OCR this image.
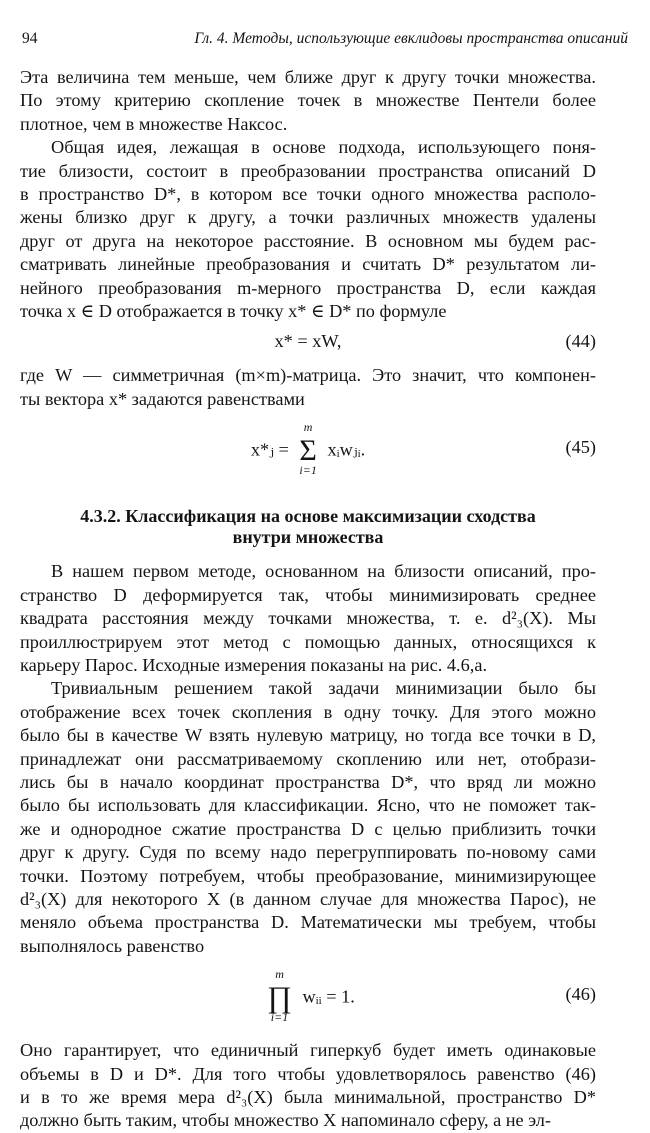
94	Гл. 4. Методы, использующие евклидовы пространства описаний
Эта величина тем меньше, чем ближе друг к другу точки множества.
По этому критерию скопление точек в множестве Пентели более
плотное, чем в множестве Наксос.
Общая идея, лежащая в основе подхода, использующего поня-
тие близости, состоит в преобразовании пространства описаний D
в пространство D*, в котором все точки одного множества располо-
жены близко друг к другу, а точки различных множеств удалены
друг от друга на некоторое расстояние. В основном мы будем рас-
сматривать линейные преобразования и считать D* результатом ли-
нейного преобразования m-мерного пространства D, если каждая
точка x ∈ D отображается в точку x* ∈ D* по формуле
x* = xW,	(44)
где W — симметричная (m×m)-матрица. Это значит, что компонен-
ты вектора x* задаются равенствами
x*ⱼ =
m
Σ
i=1
xᵢwⱼᵢ.	(45)
4.3.2. Классификация на основе максимизации сходства
внутри множества
В нашем первом методе, основанном на близости описаний, про-
странство D деформируется так, чтобы минимизировать среднее
квадрата расстояния между точками множества, т. е. d²₃(X). Мы
проиллюстрируем этот метод с помощью данных, относящихся к
карьеру Парос. Исходные измерения показаны на рис. 4.6,а.
Тривиальным решением такой задачи минимизации было бы
отображение всех точек скопления в одну точку. Для этого можно
было бы в качестве W взять нулевую матрицу, но тогда все точки в D,
принадлежат они рассматриваемому скоплению или нет, отобрази-
лись бы в начало координат пространства D*, что вряд ли можно
было бы использовать для классификации. Ясно, что не поможет так-
же и однородное сжатие пространства D с целью приблизить точки
друг к другу. Судя по всему надо перегруппировать по-новому сами
точки. Поэтому потребуем, чтобы преобразование, минимизирующее
d²₃(X) для некоторого X (в данном случае для множества Парос), не
меняло объема пространства D. Математически мы требуем, чтобы
выполнялось равенство
m
∏
i=1
wᵢᵢ = 1.	(46)
Оно гарантирует, что единичный гиперкуб будет иметь одинаковые
объемы в D и D*. Для того чтобы удовлетворялось равенство (46)
и в то же время мера d²₃(X) была минимальной, пространство D*
должно быть таким, чтобы множество X напоминало сферу, а не эл-
